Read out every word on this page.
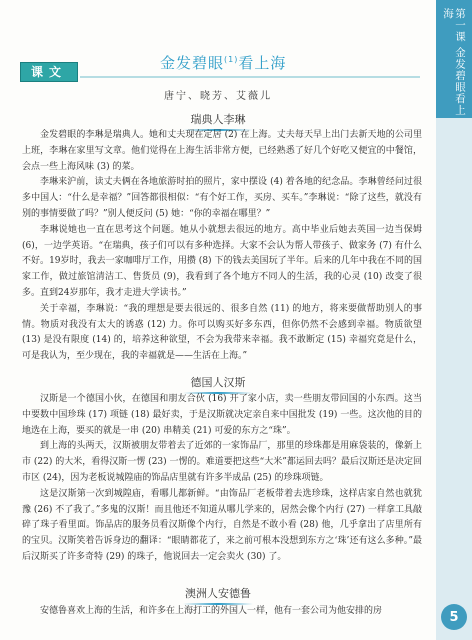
第一课 金发碧眼看上海
5
课文	金发碧眼$^{(1)}$看上海
唐宁、晓芳、艾薇儿
瑞典人李琳

金发碧眼的李琳是瑞典人。她和丈夫现在定居 (2) 在上海。丈夫每天早上出门去新天地的公司里上班，李琳在家里写文章。他们觉得在上海生活非常方便，已经熟悉了好几个好吃又便宜的中餐馆，会点一些上海风味 (3) 的菜。

李琳来沪前，读丈夫俩在各地旅游时拍的照片，家中摆设 (4) 着各地的纪念品。李琳曾经问过很多中国人：“什么是幸福？”回答都很相似：“有个好工作，买房、买车。”李琳说：“除了这些，就没有别的事情要做了吗？”别人便反问 (5) 她：“你的幸福在哪里？”

李琳说她也一直在思考这个问题。她从小就想去很远的地方。高中毕业后她去英国一边当保姆 (6)，一边学英语。“在瑞典，孩子们可以有多种选择。大家不会认为帮人带孩子、做家务 (7) 有什么不好。19岁时，我去一家咖啡厅工作，用攒 (8) 下的钱去美国玩了半年。后来的几年中我在不同的国家工作，做过旅馆清洁工、售货员 (9)，我看到了各个地方不同人的生活，我的心灵 (10) 改变了很多。直到24岁那年，我才走进大学读书。”

关于幸福，李琳说：“我的理想是要去很远的、很多自然 (11) 的地方，将来要做帮助别人的事情。物质对我没有太大的诱惑 (12) 力。你可以购买好多东西，但你仍然不会感到幸福。物质欲望 (13) 是没有限度 (14) 的，培养这种欲望，不会为我带来幸福。我不敢断定 (15) 幸福究竟是什么，可是我认为，至少现在，我的幸福就是——生活在上海。”

德国人汉斯

汉斯是一个德国小伙，在德国和朋友合伙 (16) 开了家小店，卖一些朋友带回国的小东西。这当中要数中国珍珠 (17) 项链 (18) 最好卖，于是汉斯就决定亲自来中国批发 (19) 一些。这次他的目的地选在上海，要买的就是一串 (20) 串精美 (21) 可爱的东方之“珠”。

到上海的头两天，汉斯被朋友带着去了近郊的一家饰品厂，那里的珍珠都是用麻袋装的，像新上市 (22) 的大米，看得汉斯一愣 (23) 一愣的。难道要把这些“大米”都运回去吗？最后汉斯还是决定回市区 (24)，因为老板说城隍庙的饰品店里就有许多半成品 (25) 的珍珠项链。

这是汉斯第一次到城隍庙，看哪儿都新鲜。“由饰品厂老板带着去选珍珠，这样店家自然也就犹豫 (26) 不了我了。”多鬼的汉斯！而且他还不知道从哪儿学来的，居然会像个内行 (27) 一样拿工具敲碎了珠子看里面。饰品店的服务员看汉斯像个内行，自然是不敢小看 (28) 他，几乎拿出了店里所有的宝贝。汉斯笑着告诉身边的翻译：“眼睛都花了，来之前可根本没想到东方之‘珠’还有这么多种。”最后汉斯买了许多奇特 (29) 的珠子，他说回去一定会卖火 (30) 了。

澳洲人安德鲁

安德鲁喜欢上海的生活，和许多在上海打工的外国人一样，他有一套公司为他安排的房
